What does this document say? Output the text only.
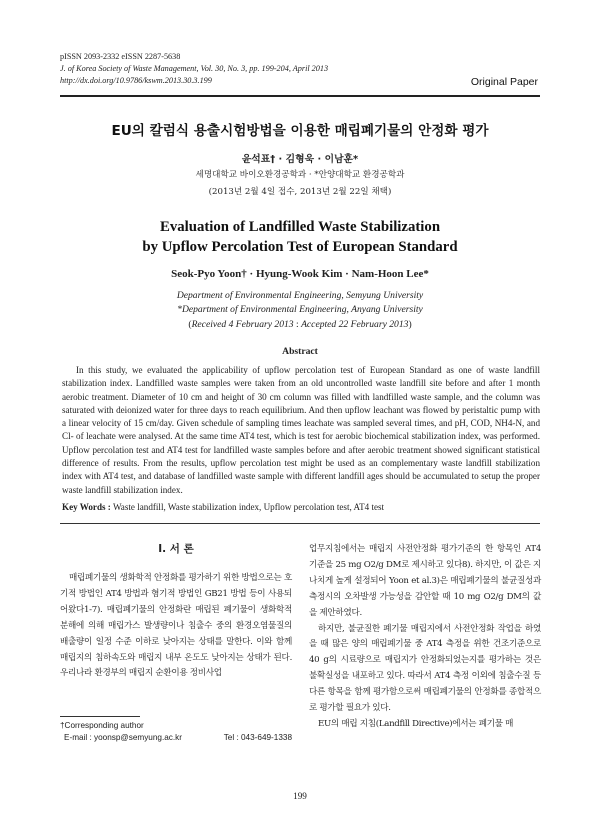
pISSN 2093-2332 eISSN 2287-5638
J. of Korea Society of Waste Management, Vol. 30, No. 3, pp. 199-204, April 2013
http://dx.doi.org/10.9786/kswm.2013.30.3.199	Original Paper
EU의 칼럼식 용출시험방법을 이용한 매립폐기물의 안정화 평가
윤석표† · 김형욱 · 이남훈*
세명대학교 바이오환경공학과 · *안양대학교 환경공학과
(2013년 2월 4일 접수, 2013년 2월 22일 채택)
Evaluation of Landfilled Waste Stabilization
by Upflow Percolation Test of European Standard
Seok-Pyo Yoon† · Hyung-Wook Kim · Nam-Hoon Lee*
Department of Environmental Engineering, Semyung University
*Department of Environmental Engineering, Anyang University
(Received 4 February 2013 : Accepted 22 February 2013)
Abstract
In this study, we evaluated the applicability of upflow percolation test of European Standard as one of waste landfill stabilization index. Landfilled waste samples were taken from an old uncontrolled waste landfill site before and after 1 month aerobic treatment. Diameter of 10 cm and height of 30 cm column was filled with landfilled waste sample, and the column was saturated with deionized water for three days to reach equilibrium. And then upflow leachant was flowed by peristaltic pump with a linear velocity of 15 cm/day. Given schedule of sampling times leachate was sampled several times, and pH, COD, NH4-N, and Cl- of leachate were analysed. At the same time AT4 test, which is test for aerobic biochemical stabilization index, was performed. Upflow percolation test and AT4 test for landfilled waste samples before and after aerobic treatment showed significant statistical difference of results. From the results, upflow percolation test might be used as an complementary waste landfill stabilization index with AT4 test, and database of landfilled waste sample with different landfill ages should be accumulated to setup the proper waste landfill stabilization index.
Key Words : Waste landfill, Waste stabilization index, Upflow percolation test, AT4 test
I. 서 론
매립폐기물의 생화학적 안정화를 평가하기 위한 방법으로는 호기적 방법인 AT4 방법과 혐기적 방법인 GB21 방법 등이 사용되어왔다1-7). 매립폐기물의 안정화란 매립된 폐기물이 생화학적 분해에 의해 매립가스 발생량이나 침출수 중의 환경오염물질의 배출량이 일정 수준 이하로 낮아지는 상태를 말한다. 이와 함께 매립지의 침하속도와 매립지 내부 온도도 낮아지는 상태가 된다. 우리나라 환경부의 매립지 순환이용 정비사업

업무지침에서는 매립지 사전안정화 평가기준의 한 항목인 AT4 기준을 25 mg O2/g DM로 제시하고 있다8). 하지만, 이 값은 지나치게 높게 설정되어 Yoon et al.3)은 매립폐기물의 불균질성과 측정시의 오차발생 가능성을 감안할 때 10 mg O2/g DM의 값을 제안하였다.

하지만, 불균질한 폐기물 매립지에서 사전안정화 작업을 하였을 때 많은 양의 매립폐기물 중 AT4 측정을 위한 건조기준으로 40 g의 시료량으로 매립지가 안정화되었는지를 평가하는 것은 불확실성을 내포하고 있다. 따라서 AT4 측정 이외에 침출수질 등 다른 항목을 함께 평가함으로써 매립폐기물의 안정화를 종합적으로 평가할 필요가 있다.

EU의 매립 지침(Landfill Directive)에서는 폐기물 매

†Corresponding author
E-mail : yoonsp@semyung.ac.kr	Tel : 043-649-1338
199
